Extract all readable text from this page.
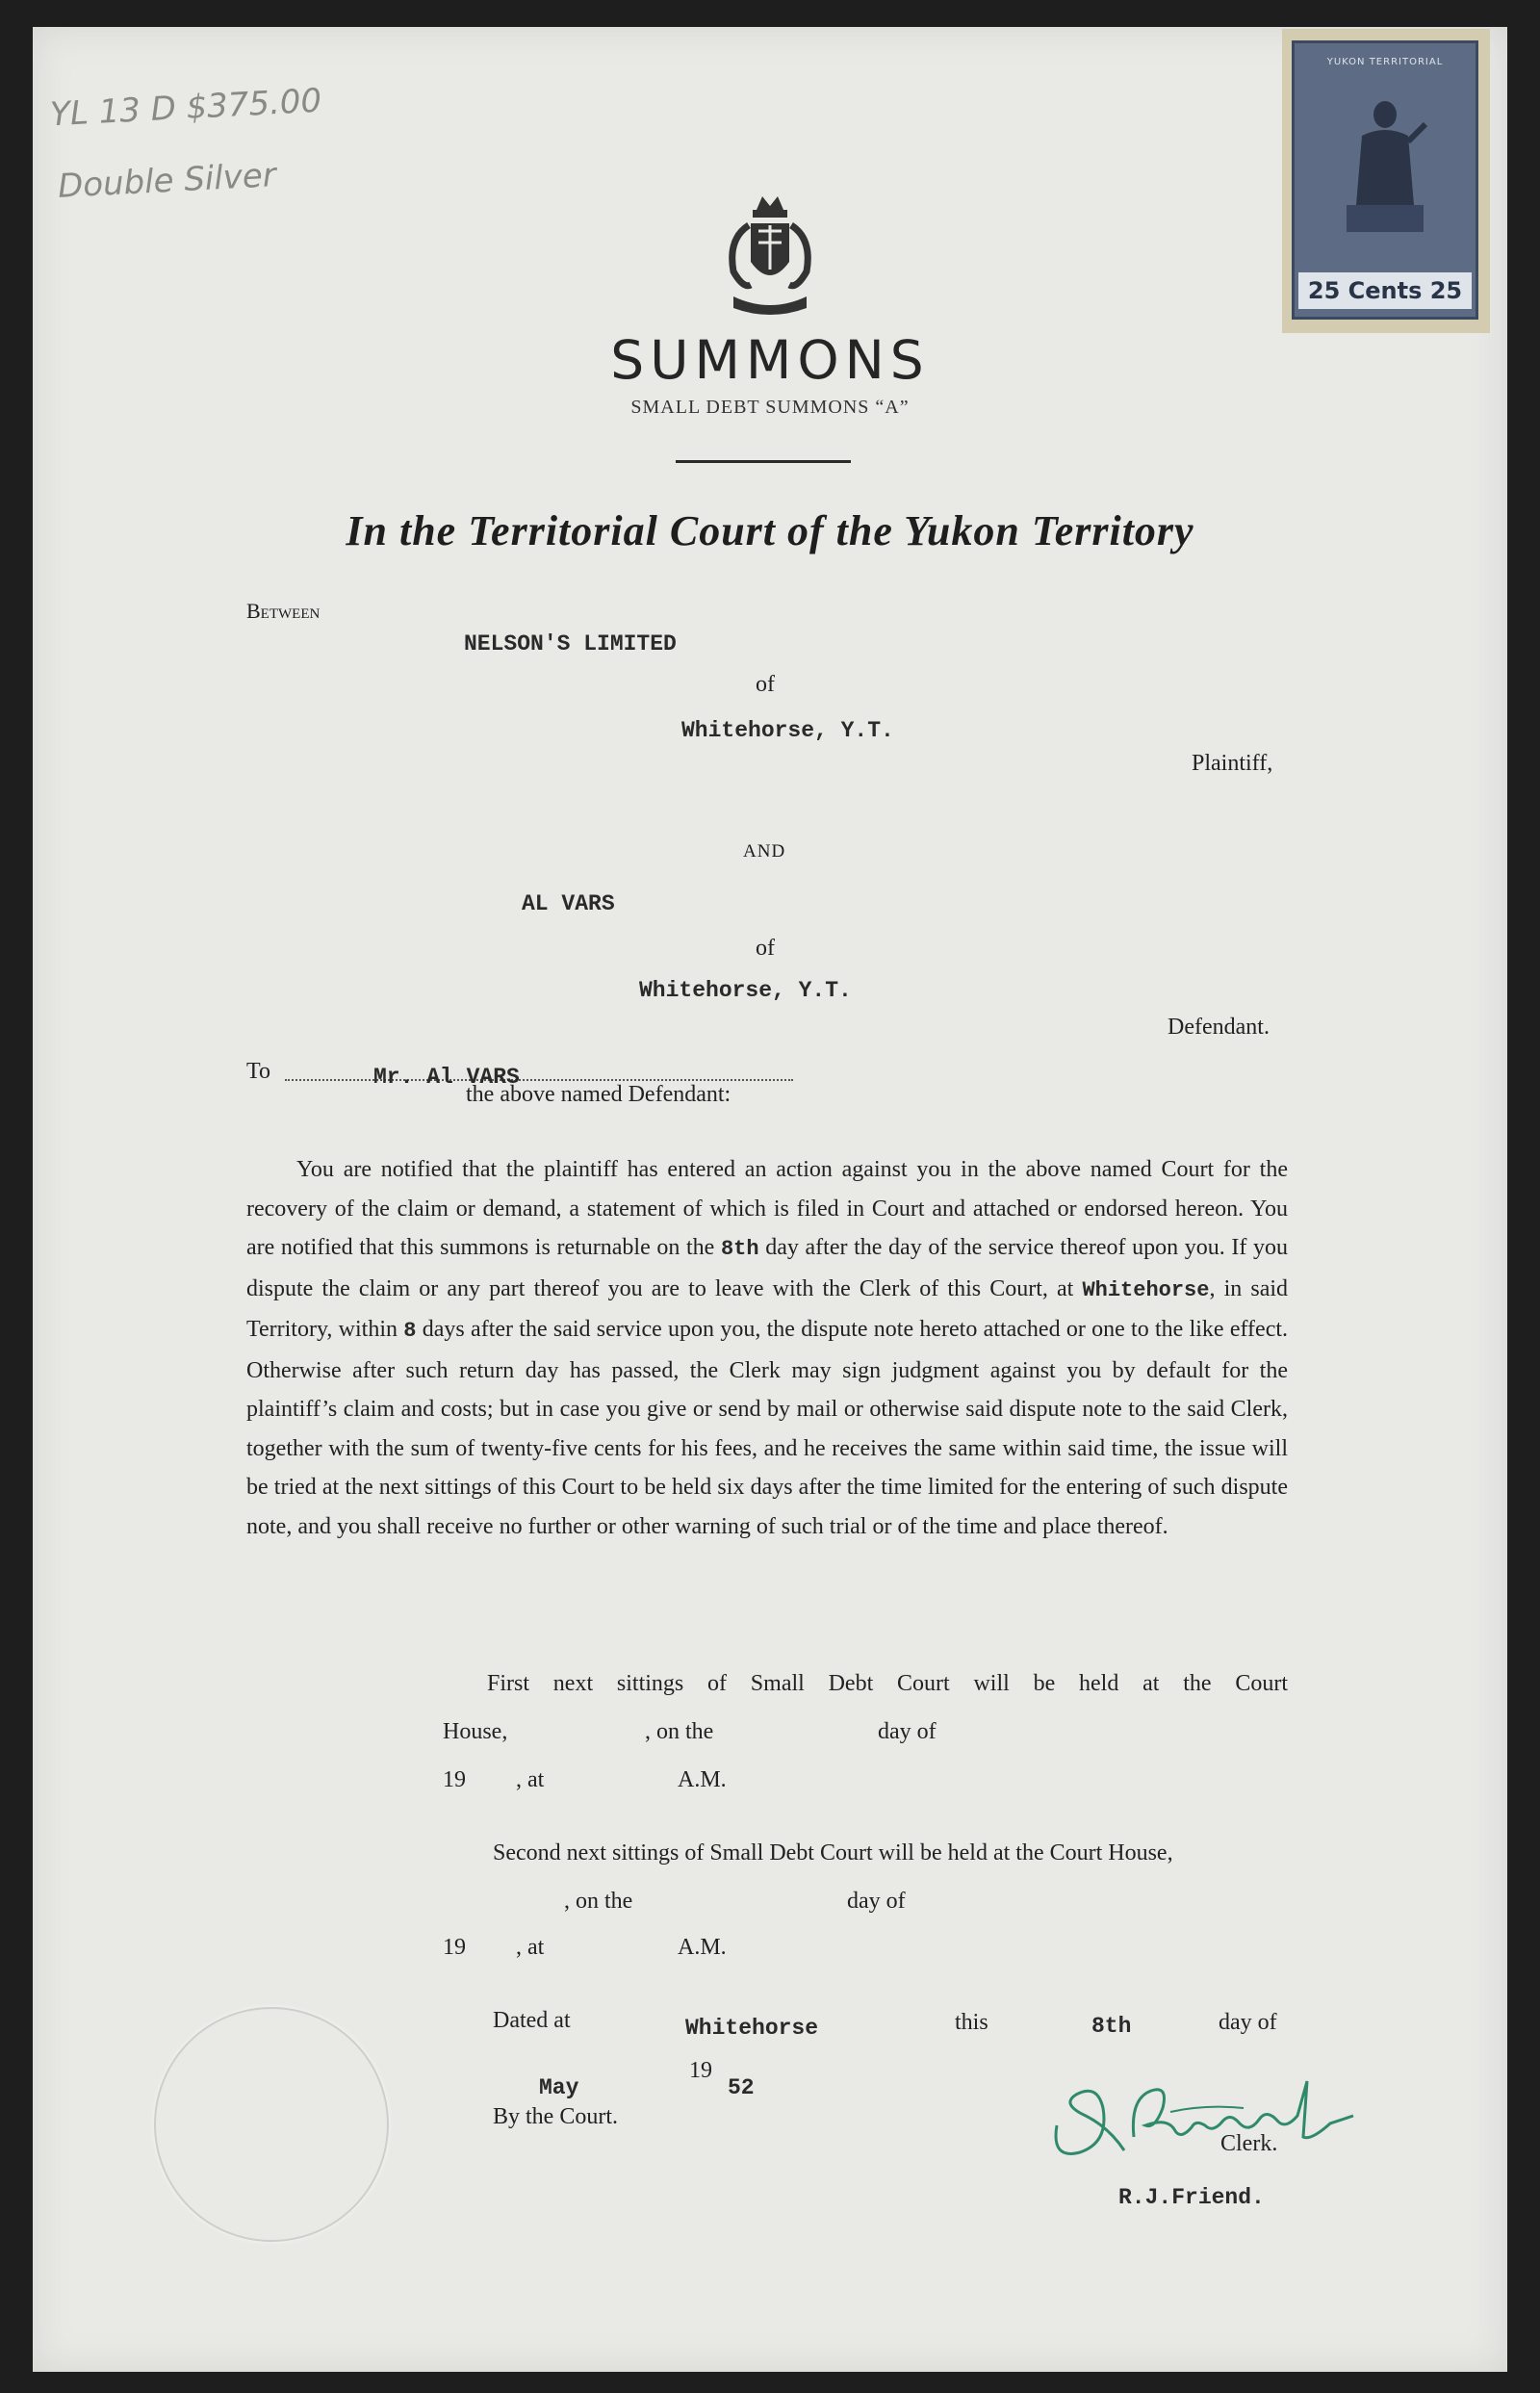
YL 13 D $375.00
Double Silver
YUKON TERRITORIAL
25 Cents 25
SUMMONS
SMALL DEBT SUMMONS “A”
In the Territorial Court of the Yukon Territory
Between
NELSON'S LIMITED
of
Whitehorse, Y.T.
Plaintiff,
AND
AL VARS
of
Whitehorse, Y.T.
Defendant.
To	Mr. Al VARS
the above named Defendant:
You are notified that the plaintiff has entered an action against you in the above named Court for the recovery of the claim or demand, a statement of which is filed in Court and attached or endorsed hereon. You are notified that this summons is returnable on the 8th day after the day of the service thereof upon you. If you dispute the claim or any part thereof you are to leave with the Clerk of this Court, at Whitehorse, in said Territory, within 8 days after the said service upon you, the dispute note hereto attached or one to the like effect. Otherwise after such return day has passed, the Clerk may sign judgment against you by default for the plaintiff’s claim and costs; but in case you give or send by mail or otherwise said dispute note to the said Clerk, together with the sum of twenty-five cents for his fees, and he receives the same within said time, the issue will be tried at the next sittings of this Court to be held six days after the time limited for the entering of such dispute note, and you shall receive no further or other warning of such trial or of the time and place thereof.
First next sittings of Small Debt Court will be held at the Court
House,	, on the	day of
19 , at	A.M.
Second next sittings of Small Debt Court will be held at the Court House,
, on the	day of
19 , at	A.M.
Dated at	Whitehorse	this	8th	day of
19
52
May
By the Court.
Clerk.
R.J.Friend.
